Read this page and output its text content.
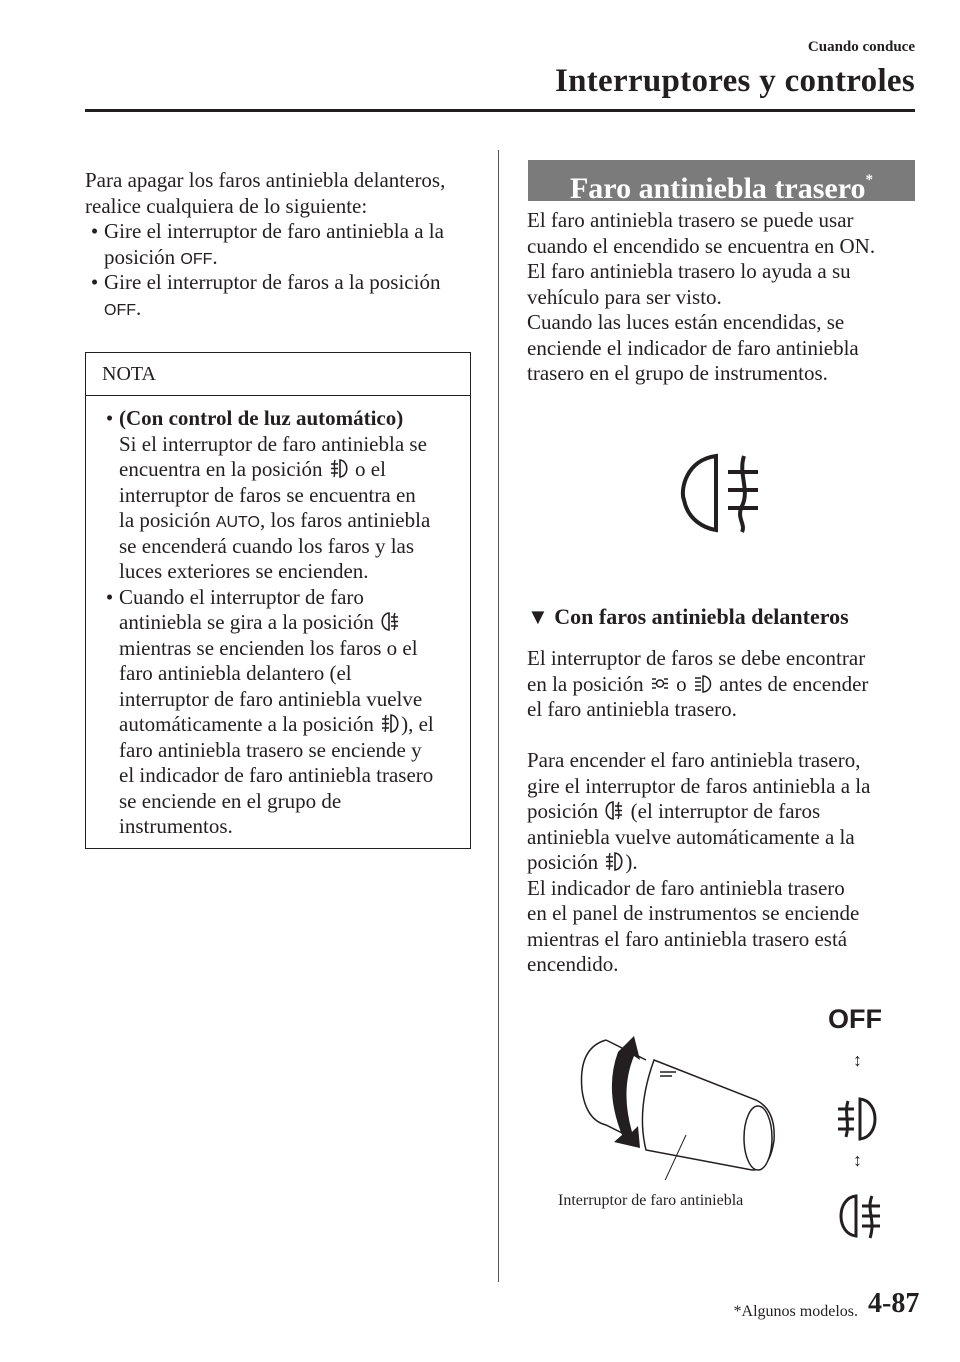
Cuando conduce
Interruptores y controles
Para apagar los faros antiniebla delanteros,
realice cualquiera de lo siguiente:
• Gire el interruptor de faro antiniebla a la
posición OFF.
• Gire el interruptor de faros a la posición
OFF.
NOTA
• (Con control de luz automático)
Si el interruptor de faro antiniebla se
encuentra en la posición  o el
interruptor de faros se encuentra en
la posición AUTO, los faros antiniebla
se encenderá cuando los faros y las
luces exteriores se encienden.
• Cuando el interruptor de faro
antiniebla se gira a la posición
mientras se encienden los faros o el
faro antiniebla delantero (el
interruptor de faro antiniebla vuelve
automáticamente a la posición ), el
faro antiniebla trasero se enciende y
el indicador de faro antiniebla trasero
se enciende en el grupo de
instrumentos.
Faro antiniebla trasero*
El faro antiniebla trasero se puede usar
cuando el encendido se encuentra en ON.
El faro antiniebla trasero lo ayuda a su
vehículo para ser visto.
Cuando las luces están encendidas, se
enciende el indicador de faro antiniebla
trasero en el grupo de instrumentos.
▼ Con faros antiniebla delanteros
El interruptor de faros se debe encontrar
en la posición  o  antes de encender
el faro antiniebla trasero.
Para encender el faro antiniebla trasero,
gire el interruptor de faros antiniebla a la
posición  (el interruptor de faros
antiniebla vuelve automáticamente a la
posición ).
El indicador de faro antiniebla trasero
en el panel de instrumentos se enciende
mientras el faro antiniebla trasero está
encendido.
Interruptor de faro antiniebla
OFF
↕
↕
*Algunos modelos. 4-87
